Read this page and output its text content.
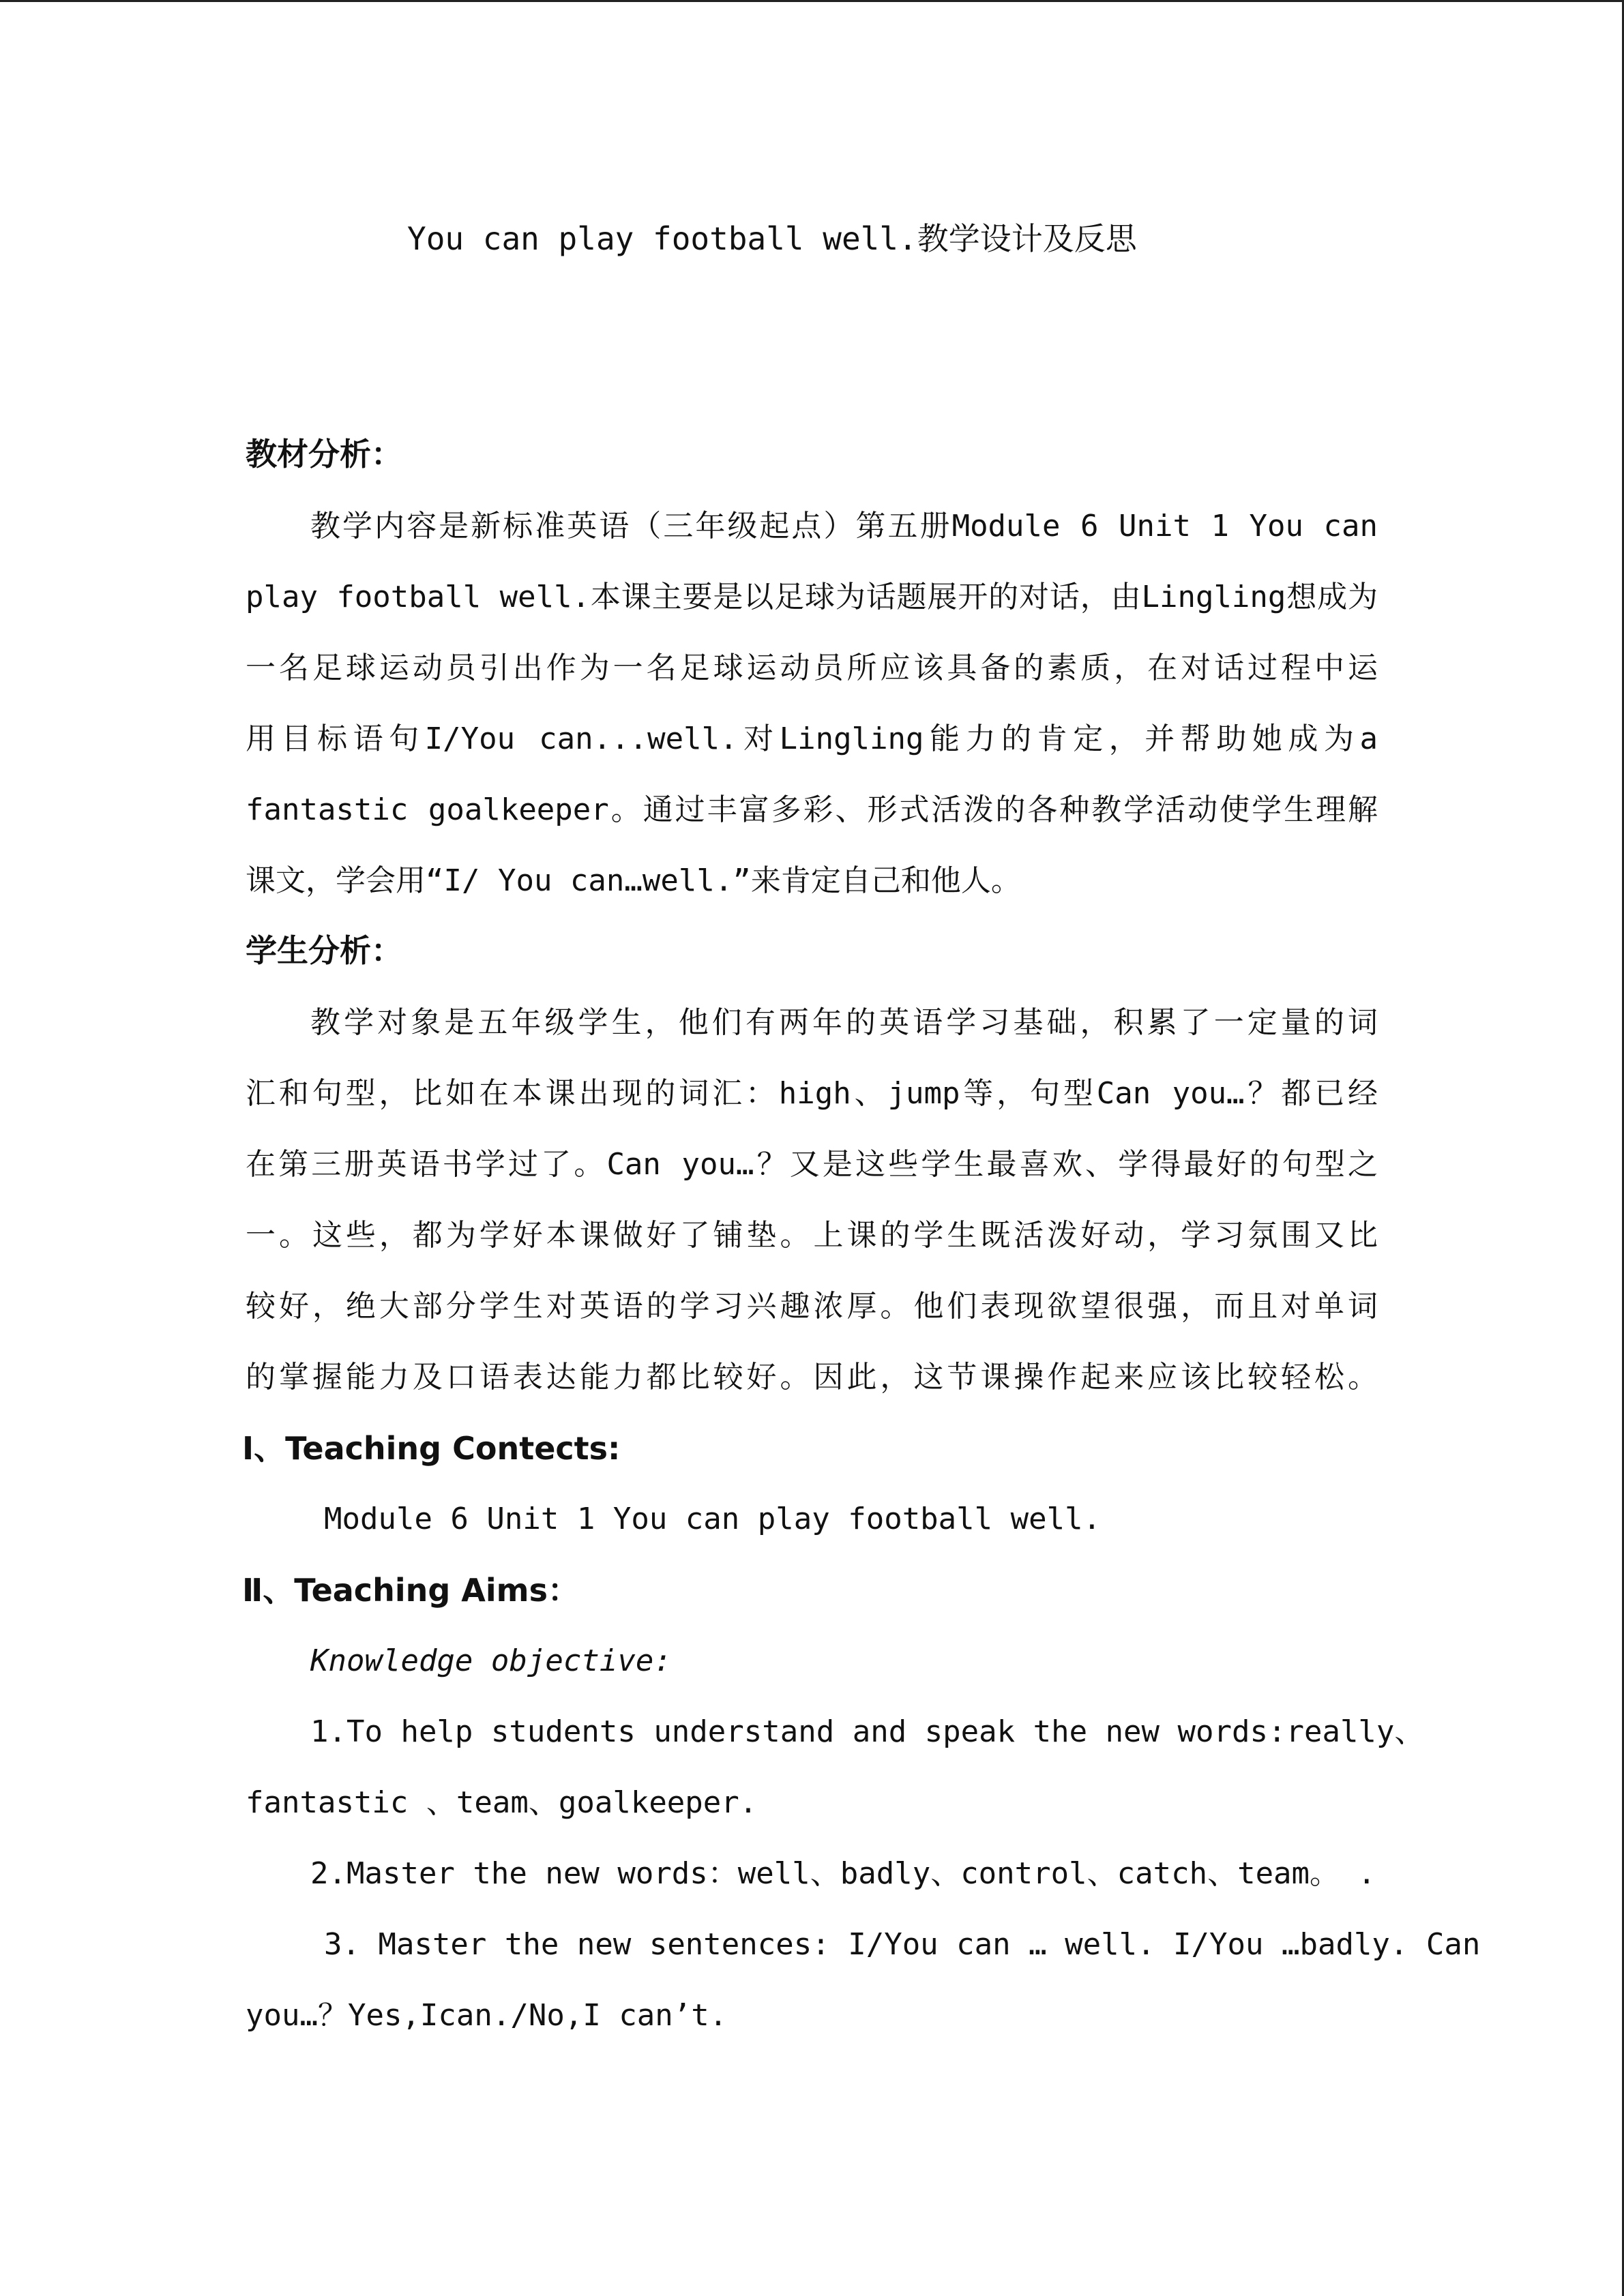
You can play football well.教学设计及反思
教材分析：
教学内容是新标准英语（三年级起点）第五册Module 6 Unit 1 You can
play football well.本课主要是以足球为话题展开的对话，由Lingling想成为
一名足球运动员引出作为一名足球运动员所应该具备的素质，在对话过程中运
用目标语句I/You can...well.对Lingling能力的肯定，并帮助她成为a
fantastic goalkeeper。通过丰富多彩、形式活泼的各种教学活动使学生理解
课文，学会用“I/ You can…well.”来肯定自己和他人。
学生分析：
教学对象是五年级学生，他们有两年的英语学习基础，积累了一定量的词
汇和句型，比如在本课出现的词汇：high、jump等，句型Can you…？都已经
在第三册英语书学过了。Can you…？又是这些学生最喜欢、学得最好的句型之
一。这些，都为学好本课做好了铺垫。上课的学生既活泼好动，学习氛围又比
较好，绝大部分学生对英语的学习兴趣浓厚。他们表现欲望很强，而且对单词
的掌握能力及口语表达能力都比较好。因此，这节课操作起来应该比较轻松。
Ⅰ、Teaching Contects:
Module 6 Unit 1 You can play football well.
Ⅱ、Teaching Aims：
Knowledge objective:
1.To help students understand and speak the new words:really、
fantastic 、team、goalkeeper.
2.Master the new words：well、badly、control、catch、team。 .
3. Master the new sentences: I/You can … well. I/You …badly. Can
you…？Yes,Ican./No,I can’t.
